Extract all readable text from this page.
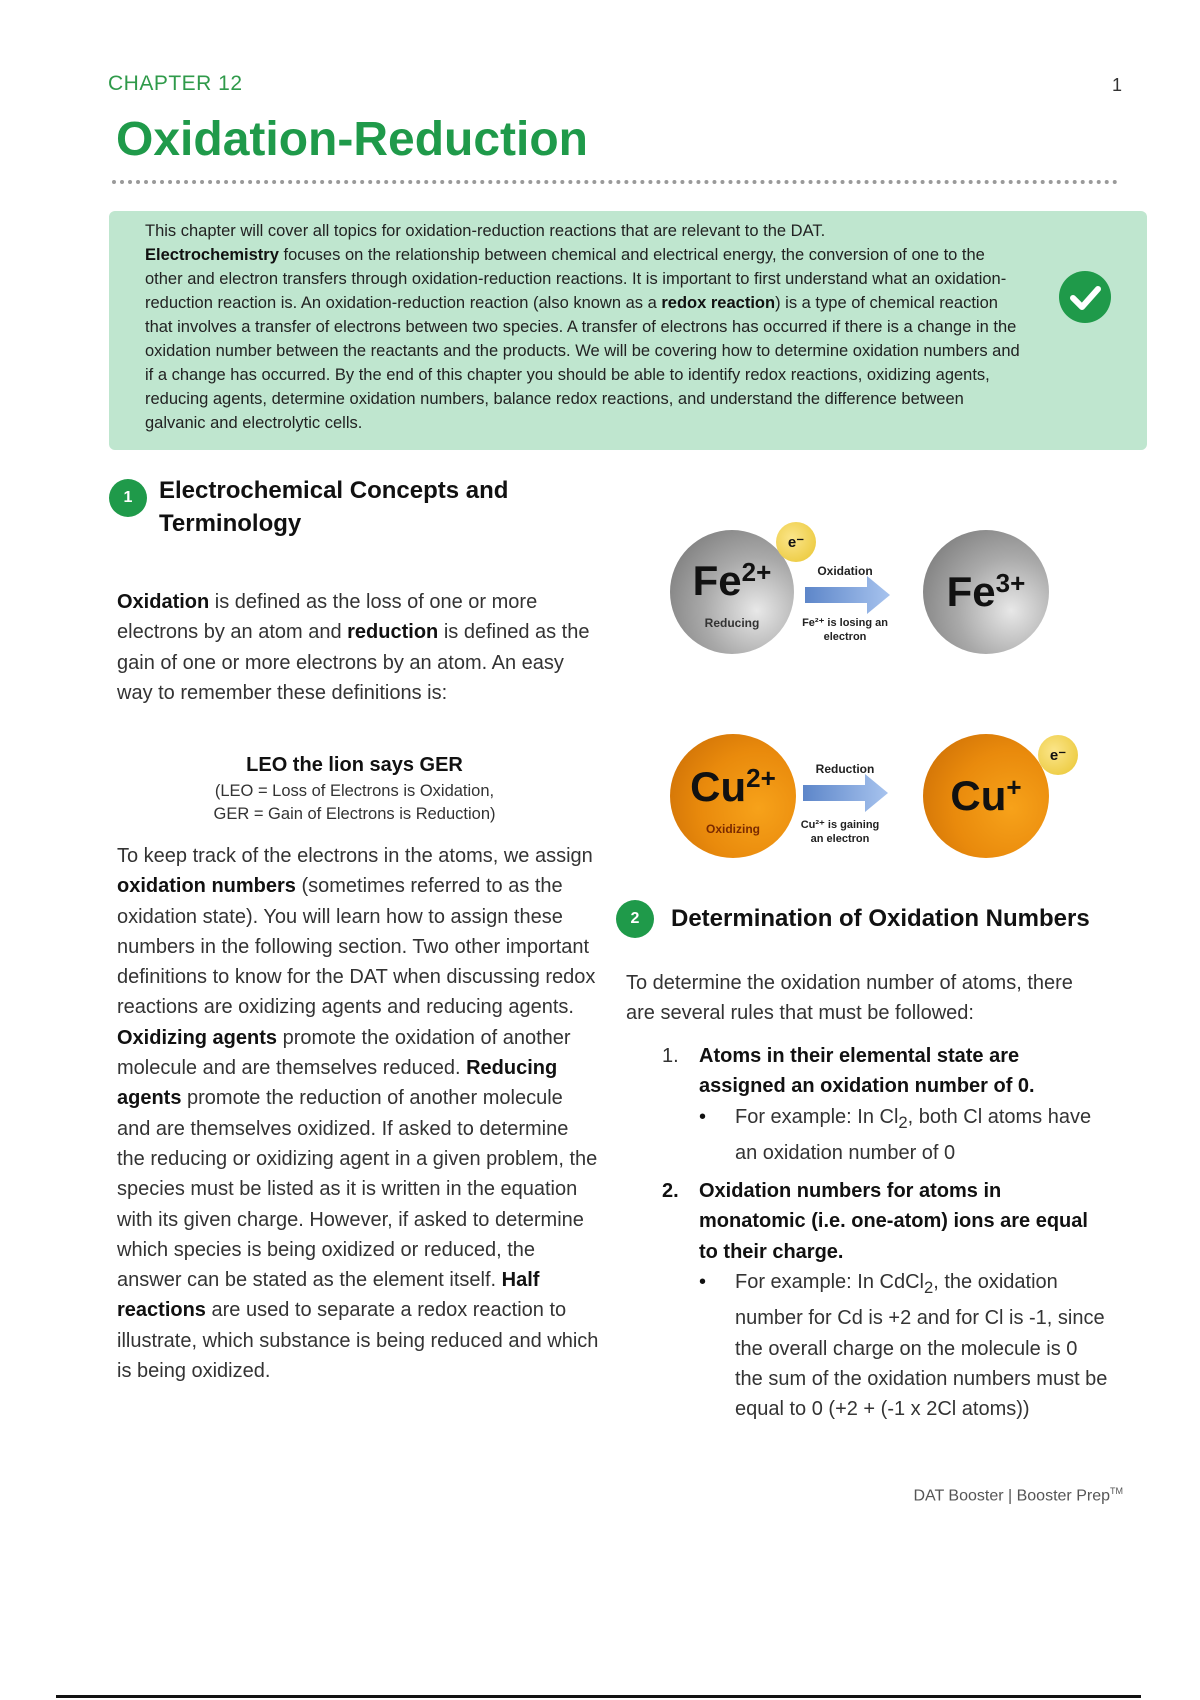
CHAPTER 12	1
Oxidation-Reduction
This chapter will cover all topics for oxidation-reduction reactions that are relevant to the DAT.
Electrochemistry focuses on the relationship between chemical and electrical energy, the conversion of one to the other and electron transfers through oxidation-reduction reactions. It is important to first understand what an oxidation-reduction reaction is. An oxidation-reduction reaction (also known as a redox reaction) is a type of chemical reaction that involves a transfer of electrons between two species. A transfer of electrons has occurred if there is a change in the oxidation number between the reactants and the products. We will be covering how to determine oxidation numbers and if a change has occurred. By the end of this chapter you should be able to identify redox reactions, oxidizing agents, reducing agents, determine oxidation numbers, balance redox reactions, and understand the difference between galvanic and electrolytic cells.
1	Electrochemical Concepts and Terminology
Oxidation is defined as the loss of one or more electrons by an atom and reduction is defined as the gain of one or more electrons by an atom. An easy way to remember these definitions is:
LEO the lion says GER
(LEO = Loss of Electrons is Oxidation,
GER = Gain of Electrons is Reduction)
To keep track of the electrons in the atoms, we assign oxidation numbers (sometimes referred to as the oxidation state). You will learn how to assign these numbers in the following section. Two other important definitions to know for the DAT when discussing redox reactions are oxidizing agents and reducing agents. Oxidizing agents promote the oxidation of another molecule and are themselves reduced. Reducing agents promote the reduction of another molecule and are themselves oxidized. If asked to determine the reducing or oxidizing agent in a given problem, the species must be listed as it is written in the equation with its given charge. However, if asked to determine which species is being oxidized or reduced, the answer can be stated as the element itself. Half reactions are used to separate a redox reaction to illustrate, which substance is being reduced and which is being oxidized.
$Fe^{2+}$
Reducing
e⁻
Oxidation
Fe²⁺ is losing an electron
$Fe^{3+}$
$Cu^{2+}$
Oxidizing
Reduction
Cu²⁺ is gaining an electron
Cu+
e⁻
2	Determination of Oxidation Numbers
To determine the oxidation number of atoms, there are several rules that must be followed:
1. Atoms in their elemental state are assigned an oxidation number of 0.
• For example: In $Cl_2$, both Cl atoms have an oxidation number of 0
2. Oxidation numbers for atoms in monatomic (i.e. one-atom) ions are equal to their charge.
• For example: In CdCl$_2$, the oxidation number for Cd is +2 and for Cl is -1, since the overall charge on the molecule is 0 the sum of the oxidation numbers must be equal to 0 (+2 + (-1 x 2Cl atoms))
DAT Booster | Booster Prep™
